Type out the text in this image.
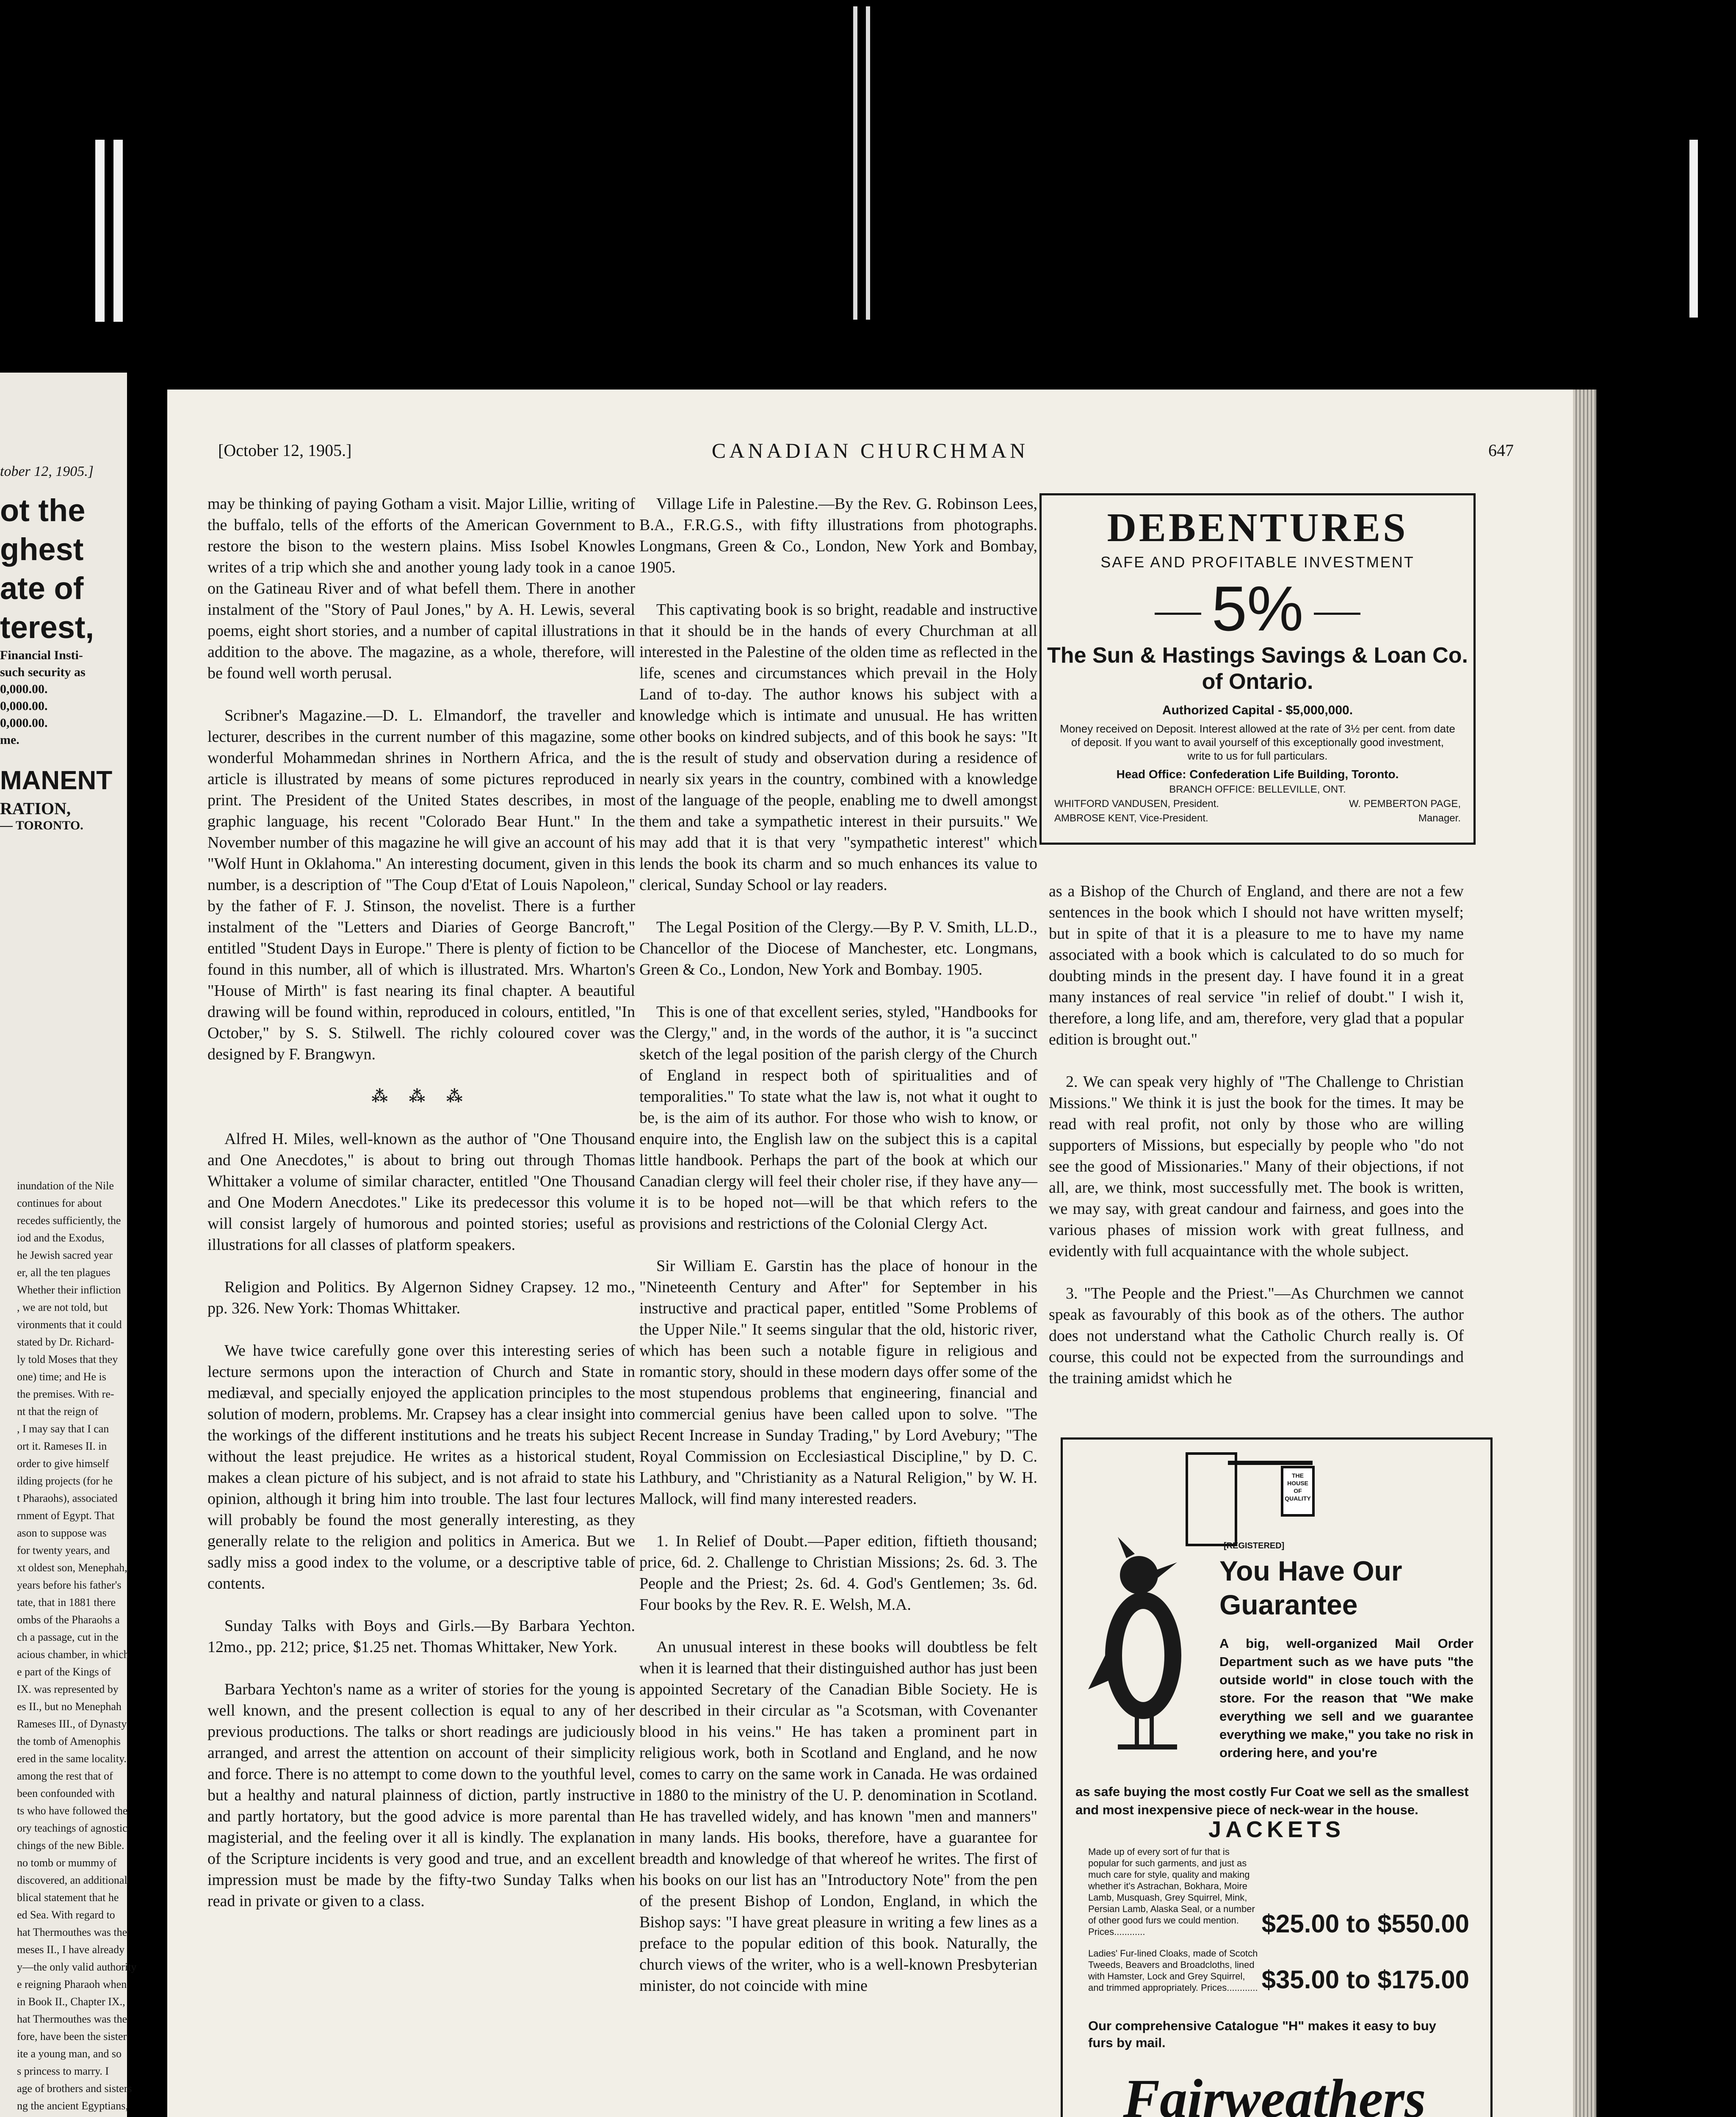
tober 12, 1905.]
ot the
ghest
ate of
terest,
Financial Insti-
such security as
0,000.00.
0,000.00.
0,000.00.
me.
MANENT
RATION,
— TORONTO.

inundation of the Nile

continues for about

recedes sufficiently, the

iod and the Exodus,

he Jewish sacred year

er, all the ten plagues

Whether their infliction

, we are not told, but

vironments that it could

stated by Dr. Richard-

ly told Moses that they

one) time; and He is

the premises. With re-

nt that the reign of

, I may say that I can

ort it. Rameses II. in

order to give himself

ilding projects (for he

t Pharaohs), associated

rnment of Egypt. That

ason to suppose was

for twenty years, and

xt oldest son, Menephah,

years before his father's

tate, that in 1881 there

ombs of the Pharaohs a

ch a passage, cut in the

acious chamber, in which

e part of the Kings of

IX. was represented by

es II., but no Menephah

Rameses III., of Dynasty

the tomb of Amenophis

ered in the same locality.

among the rest that of

been confounded with

ts who have followed the

ory teachings of agnostic

chings of the new Bible.

no tomb or mummy of

discovered, an additional

blical statement that he

ed Sea. With regard to

hat Thermouthes was the

meses II., I have already

y—the only valid authority

e reigning Pharaoh when

in Book II., Chapter IX.,

hat Thermouthes was the

fore, have been the sister

ite a young man, and so

s princess to marry. I

age of brothers and sisters

ng the ancient Egyptians,

[October 12, 1905.]	CANADIAN CHURCHMAN	647

may be thinking of paying Gotham a visit. Major Lillie, writing of the buffalo, tells of the efforts of the American Government to restore the bison to the western plains. Miss Isobel Knowles writes of a trip which she and another young lady took in a canoe on the Gatineau River and of what befell them. There in another instalment of the "Story of Paul Jones," by A. H. Lewis, several poems, eight short stories, and a number of capital illustrations in addition to the above. The magazine, as a whole, therefore, will be found well worth perusal.

Scribner's Magazine.—D. L. Elmandorf, the traveller and lecturer, describes in the current number of this magazine, some wonderful Mohammedan shrines in Northern Africa, and the article is illustrated by means of some pictures reproduced in print. The President of the United States describes, in most graphic language, his recent "Colorado Bear Hunt." In the November number of this magazine he will give an account of his "Wolf Hunt in Oklahoma." An interesting document, given in this number, is a description of "The Coup d'Etat of Louis Napoleon," by the father of F. J. Stinson, the novelist. There is a further instalment of the "Letters and Diaries of George Bancroft," entitled "Student Days in Europe." There is plenty of fiction to be found in this number, all of which is illustrated. Mrs. Wharton's "House of Mirth" is fast nearing its final chapter. A beautiful drawing will be found within, reproduced in colours, entitled, "In October," by S. S. Stilwell. The richly coloured cover was designed by F. Brangwyn.

⁂ ⁂ ⁂

Alfred H. Miles, well-known as the author of "One Thousand and One Anecdotes," is about to bring out through Thomas Whittaker a volume of similar character, entitled "One Thousand and One Modern Anecdotes." Like its predecessor this volume will consist largely of humorous and pointed stories; useful as illustrations for all classes of platform speakers.

Religion and Politics. By Algernon Sidney Crapsey. 12 mo., pp. 326. New York: Thomas Whittaker.

We have twice carefully gone over this interesting series of lecture sermons upon the interaction of Church and State in mediæval, and specially enjoyed the application principles to the solution of modern, problems. Mr. Crapsey has a clear insight into the workings of the different institutions and he treats his subject without the least prejudice. He writes as a historical student, makes a clean picture of his subject, and is not afraid to state his opinion, although it bring him into trouble. The last four lectures will probably be found the most generally interesting, as they generally relate to the religion and politics in America. But we sadly miss a good index to the volume, or a descriptive table of contents.

Sunday Talks with Boys and Girls.—By Barbara Yechton. 12mo., pp. 212; price, $1.25 net. Thomas Whittaker, New York.

Barbara Yechton's name as a writer of stories for the young is well known, and the present collection is equal to any of her previous productions. The talks or short readings are judiciously arranged, and arrest the attention on account of their simplicity and force. There is no attempt to come down to the youthful level, but a healthy and natural plainness of diction, partly instructive and partly hortatory, but the good advice is more parental than magisterial, and the feeling over it all is kindly. The explanation of the Scripture incidents is very good and true, and an excellent impression must be made by the fifty-two Sunday Talks when read in private or given to a class.

Village Life in Palestine.—By the Rev. G. Robinson Lees, B.A., F.R.G.S., with fifty illustrations from photographs. Longmans, Green & Co., London, New York and Bombay, 1905.

This captivating book is so bright, readable and instructive that it should be in the hands of every Churchman at all interested in the Palestine of the olden time as reflected in the life, scenes and circumstances which prevail in the Holy Land of to-day. The author knows his subject with a knowledge which is intimate and unusual. He has written other books on kindred subjects, and of this book he says: "It is the result of study and observation during a residence of nearly six years in the country, combined with a knowledge of the language of the people, enabling me to dwell amongst them and take a sympathetic interest in their pursuits." We may add that it is that very "sympathetic interest" which lends the book its charm and so much enhances its value to clerical, Sunday School or lay readers.

The Legal Position of the Clergy.—By P. V. Smith, LL.D., Chancellor of the Diocese of Manchester, etc. Longmans, Green & Co., London, New York and Bombay. 1905.

This is one of that excellent series, styled, "Handbooks for the Clergy," and, in the words of the author, it is "a succinct sketch of the legal position of the parish clergy of the Church of England in respect both of spiritualities and of temporalities." To state what the law is, not what it ought to be, is the aim of its author. For those who wish to know, or enquire into, the English law on the subject this is a capital little handbook. Perhaps the part of the book at which our Canadian clergy will feel their choler rise, if they have any—it is to be hoped not—will be that which refers to the provisions and restrictions of the Colonial Clergy Act.

Sir William E. Garstin has the place of honour in the "Nineteenth Century and After" for September in his instructive and practical paper, entitled "Some Problems of the Upper Nile." It seems singular that the old, historic river, which has been such a notable figure in religious and romantic story, should in these modern days offer some of the most stupendous problems that engineering, financial and commercial genius have been called upon to solve. "The Recent Increase in Sunday Trading," by Lord Avebury; "The Royal Commission on Ecclesiastical Discipline," by D. C. Lathbury, and "Christianity as a Natural Religion," by W. H. Mallock, will find many interested readers.

1. In Relief of Doubt.—Paper edition, fiftieth thousand; price, 6d. 2. Challenge to Christian Missions; 2s. 6d. 3. The People and the Priest; 2s. 6d. 4. God's Gentlemen; 3s. 6d. Four books by the Rev. R. E. Welsh, M.A.

An unusual interest in these books will doubtless be felt when it is learned that their distinguished author has just been appointed Secretary of the Canadian Bible Society. He is described in their circular as "a Scotsman, with Covenanter blood in his veins." He has taken a prominent part in religious work, both in Scotland and England, and he now comes to carry on the same work in Canada. He was ordained in 1880 to the ministry of the U. P. denomination in Scotland. He has travelled widely, and has known "men and manners" in many lands. His books, therefore, have a guarantee for breadth and knowledge of that whereof he writes. The first of his books on our list has an "Introductory Note" from the pen of the present Bishop of London, England, in which the Bishop says: "I have great pleasure in writing a few lines as a preface to the popular edition of this book. Naturally, the church views of the writer, who is a well-known Presbyterian minister, do not coincide with mine

DEBENTURES
SAFE AND PROFITABLE INVESTMENT
5%
The Sun & Hastings Savings & Loan Co. of Ontario.
Authorized Capital - $5,000,000.
Money received on Deposit. Interest allowed at the rate of 3½ per cent. from date of deposit. If you want to avail yourself of this exceptionally good investment, write to us for full particulars.
Head Office: Confederation Life Building, Toronto.
BRANCH OFFICE: BELLEVILLE, ONT.
WHITFORD VANDUSEN, President.	W. PEMBERTON PAGE,
AMBROSE KENT, Vice-President.	Manager.

as a Bishop of the Church of England, and there are not a few sentences in the book which I should not have written myself; but in spite of that it is a pleasure to me to have my name associated with a book which is calculated to do so much for doubting minds in the present day. I have found it in a great many instances of real service "in relief of doubt." I wish it, therefore, a long life, and am, therefore, very glad that a popular edition is brought out."

2. We can speak very highly of "The Challenge to Christian Missions." We think it is just the book for the times. It may be read with real profit, not only by those who are willing supporters of Missions, but especially by people who "do not see the good of Missionaries." Many of their objections, if not all, are, we think, most successfully met. The book is written, we may say, with great candour and fairness, and goes into the various phases of mission work with great fullness, and evidently with full acquaintance with the whole subject.

3. "The People and the Priest."—As Churchmen we cannot speak as favourably of this book as of the others. The author does not understand what the Catholic Church really is. Of course, this could not be expected from the surroundings and the training amidst which he

THE HOUSE OF QUALITY
[REGISTERED]
You Have Our Guarantee
A big, well-organized Mail Order Department such as we have puts "the outside world" in close touch with the store. For the reason that "We make everything we sell and we guarantee everything we make," you take no risk in ordering here, and you're
as safe buying the most costly Fur Coat we sell as the smallest and most inexpensive piece of neck-wear in the house.
JACKETS
Made up of every sort of fur that is popular for such garments, and just as much care for style, quality and making whether it's Astrachan, Bokhara, Moire Lamb, Musquash, Grey Squirrel, Mink, Persian Lamb, Alaska Seal, or a number of other good furs we could mention. Prices............	$25.00 to $550.00
Ladies' Fur-lined Cloaks, made of Scotch Tweeds, Beavers and Broadcloths, lined with Hamster, Lock and Grey Squirrel, and trimmed appropriately. Prices............ $35.00 to $175.00
Our comprehensive Catalogue "H" makes it easy to buy furs by mail.
Fairweathers
